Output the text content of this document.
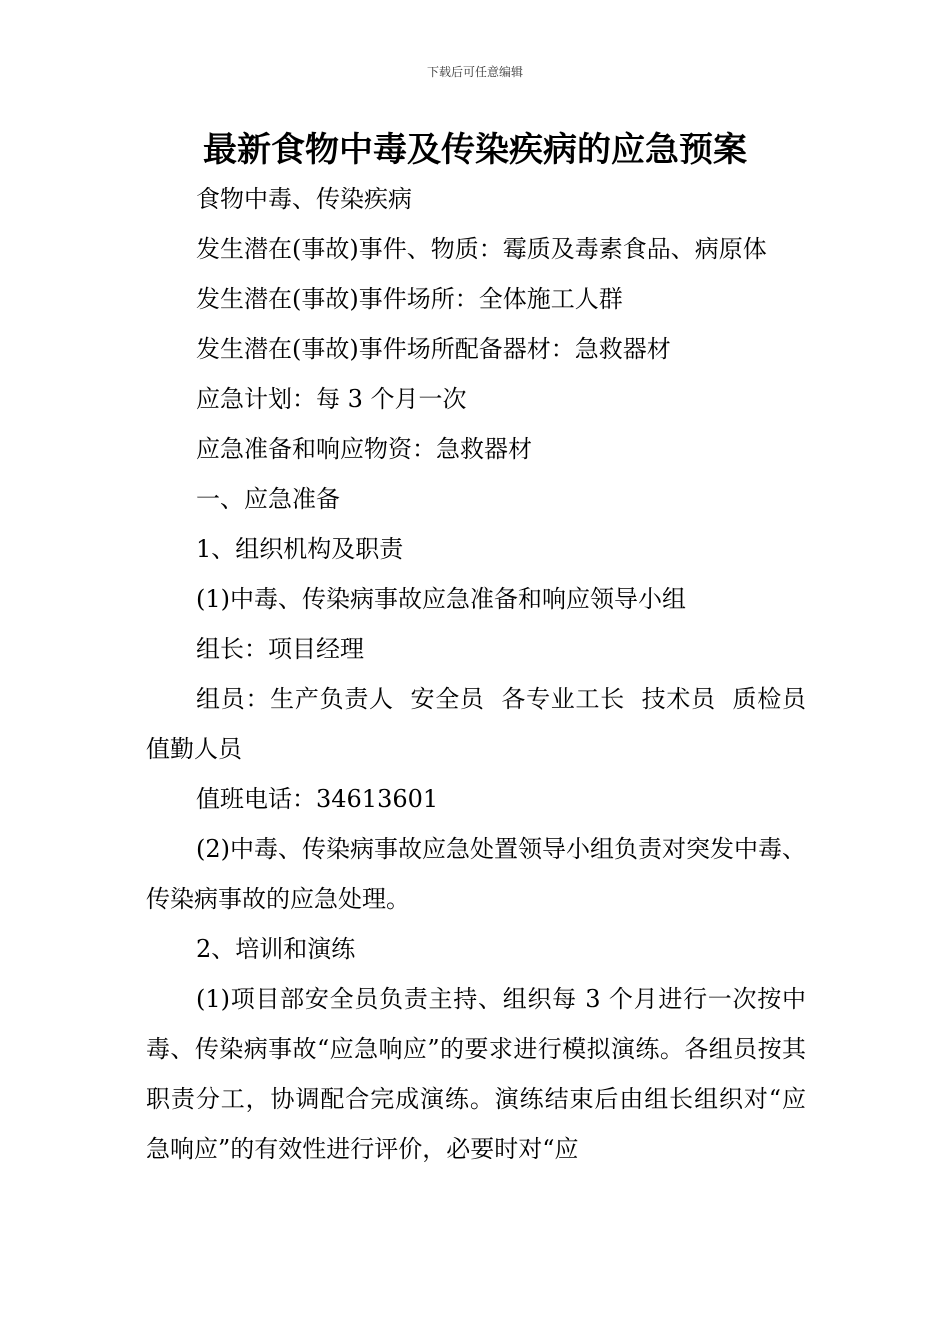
下载后可任意编辑
最新食物中毒及传染疾病的应急预案

食物中毒、传染疾病

发生潜在(事故)事件、物质：霉质及毒素食品、病原体

发生潜在(事故)事件场所：全体施工人群

发生潜在(事故)事件场所配备器材：急救器材

应急计划：每 3 个月一次

应急准备和响应物资：急救器材

一、应急准备

1、组织机构及职责

(1)中毒、传染病事故应急准备和响应领导小组

组长：项目经理

组员：生产负责人  安全员  各专业工长  技术员  质检员  值勤人员

值班电话：34613601

(2)中毒、传染病事故应急处置领导小组负责对突发中毒、传染病事故的应急处理。

2、培训和演练

(1)项目部安全员负责主持、组织每 3 个月进行一次按中毒、传染病事故“应急响应”的要求进行模拟演练。各组员按其职责分工，协调配合完成演练。演练结束后由组长组织对“应急响应”的有效性进行评价，必要时对“应
